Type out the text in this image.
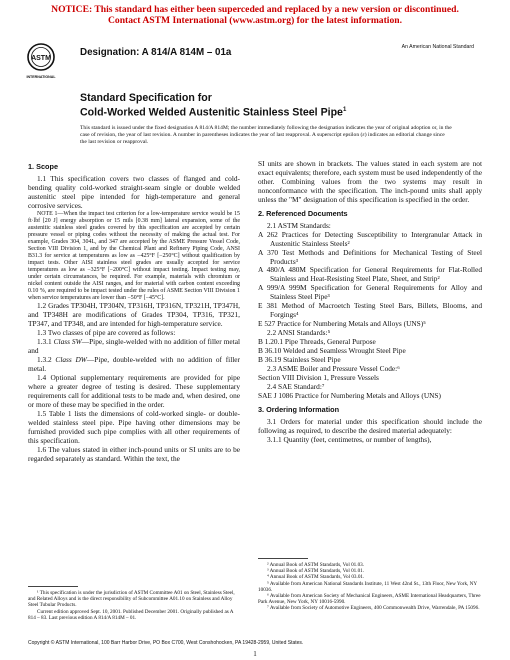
NOTICE: This standard has either been superceded and replaced by a new version or discontinued.
Contact ASTM International (www.astm.org) for the latest information.
ASTM
INTERNATIONAL
Designation: A 814/A 814M – 01a	An American National Standard
Standard Specification for
Cold-Worked Welded Austenitic Stainless Steel Pipe$^1$
This standard is issued under the fixed designation A 814/A 814M; the number immediately following the designation indicates the year of original adoption or, in the case of revision, the year of last revision. A number in parentheses indicates the year of last reapproval. A superscript epsilon (ε) indicates an editorial change since the last revision or reapproval.
1. Scope

1.1 This specification covers two classes of flanged and cold-bending quality cold-worked straight-seam single or double welded austenitic steel pipe intended for high-temperature and general corrosive services.

NOTE 1—When the impact test criterion for a low-temperature service would be 15 ft·lbf [20 J] energy absorption or 15 mils [0.38 mm] lateral expansion, some of the austenitic stainless steel grades covered by this specification are accepted by certain pressure vessel or piping codes without the necessity of making the actual test. For example, Grades 304, 304L, and 347 are accepted by the ASME Pressure Vessel Code, Section VIII Division 1, and by the Chemical Plant and Refinery Piping Code, ANSI B31.3 for service at temperatures as low as −425°F [−250°C] without qualification by impact tests. Other AISI stainless steel grades are usually accepted for service temperatures as low as −325°F [−200°C] without impact testing. Impact testing may, under certain circumstances, be required. For example, materials with chromium or nickel content outside the AISI ranges, and for material with carbon content exceeding 0.10 %, are required to be impact tested under the rules of ASME Section VIII Division 1 when service temperatures are lower than −50°F [−45°C].

1.2 Grades TP304H, TP304N, TP316H, TP316N, TP321H, TP347H, and TP348H are modifications of Grades TP304, TP316, TP321, TP347, and TP348, and are intended for high-temperature service.

1.3 Two classes of pipe are covered as follows:

1.3.1 Class SW—Pipe, single-welded with no addition of filler metal and

1.3.2 Class DW—Pipe, double-welded with no addition of filler metal.

1.4 Optional supplementary requirements are provided for pipe where a greater degree of testing is desired. These supplementary requirements call for additional tests to be made and, when desired, one or more of these may be specified in the order.

1.5 Table 1 lists the dimensions of cold-worked single- or double-welded stainless steel pipe. Pipe having other dimensions may be furnished provided such pipe complies with all other requirements of this specification.

1.6 The values stated in either inch-pound units or SI units are to be regarded separately as standard. Within the text, the

¹ This specification is under the jurisdiction of ASTM Committee A01 on Steel, Stainless Steel, and Related Alloys and is the direct responsibility of Subcommittee A01.10 on Stainless and Alloy Steel Tubular Products.

Current edition approved Sept. 10, 2001. Published December 2001. Originally published as A 814 – 83. Last previous edition A 814/A 814M – 01.

SI units are shown in brackets. The values stated in each system are not exact equivalents; therefore, each system must be used independently of the other. Combining values from the two systems may result in nonconformance with the specification. The inch-pound units shall apply unless the "M" designation of this specification is specified in the order.

2. Referenced Documents

2.1 ASTM Standards:

A 262 Practices for Detecting Susceptibility to Intergranular Attack in Austenitic Stainless Steels²

A 370 Test Methods and Definitions for Mechanical Testing of Steel Products³

A 480/A 480M Specification for General Requirements for Flat-Rolled Stainless and Heat-Resisting Steel Plate, Sheet, and Strip²

A 999/A 999M Specification for General Requirements for Alloy and Stainless Steel Pipe³

E 381 Method of Macroetch Testing Steel Bars, Billets, Blooms, and Forgings⁴

E 527 Practice for Numbering Metals and Alloys (UNS)⁵

2.2 ANSI Standards:⁵

B 1.20.1 Pipe Threads, General Purpose

B 36.10 Welded and Seamless Wrought Steel Pipe

B 36.19 Stainless Steel Pipe

2.3 ASME Boiler and Pressure Vessel Code:⁶

Section VIII Division 1, Pressure Vessels

2.4 SAE Standard:⁷

SAE J 1086 Practice for Numbering Metals and Alloys (UNS)

3. Ordering Information

3.1 Orders for material under this specification should include the following as required, to describe the desired material adequately:

3.1.1 Quantity (feet, centimetres, or number of lengths),

² Annual Book of ASTM Standards, Vol 01.03.

³ Annual Book of ASTM Standards, Vol 01.01.

⁴ Annual Book of ASTM Standards, Vol 03.01.

⁵ Available from American National Standards Institute, 11 West 42nd St., 13th Floor, New York, NY 10036.

⁶ Available from American Society of Mechanical Engineers, ASME International Headquarters, Three Park Avenue, New York, NY 10016-5990.

⁷ Available from Society of Automotive Engineers, 400 Commonwealth Drive, Warrendale, PA 15096.

Copyright © ASTM International, 100 Barr Harbor Drive, PO Box C700, West Conshohocken, PA 19428-2959, United States.
1
